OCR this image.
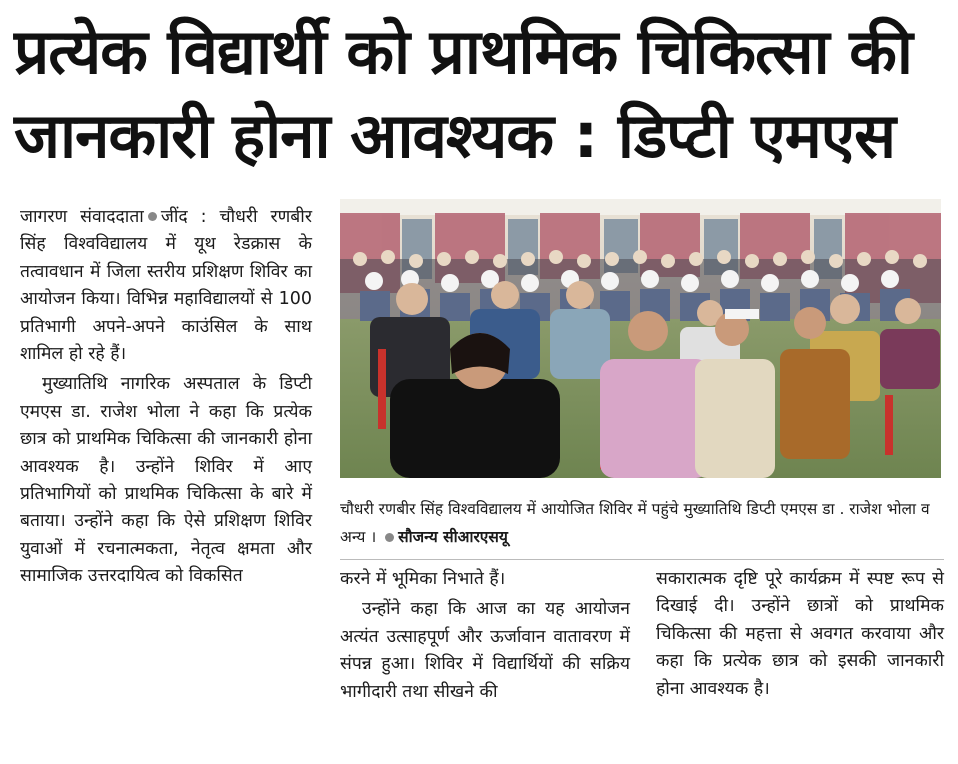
प्रत्येक विद्यार्थी को प्राथमिक चिकित्सा की
जानकारी होना आवश्यक : डिप्टी एमएस

जागरण संवाददाता जींद : चौधरी रणबीर सिंह विश्वविद्यालय में यूथ रेडक्रास के तत्वावधान में जिला स्तरीय प्रशिक्षण शिविर का आयोजन किया। विभिन्न महाविद्यालयों से 100 प्रतिभागी अपने-अपने काउंसिल के साथ शामिल हो रहे हैं।

मुख्यातिथि नागरिक अस्पताल के डिप्टी एमएस डा. राजेश भोला ने कहा कि प्रत्येक छात्र को प्राथमिक चिकित्सा की जानकारी होना आवश्यक है। उन्होंने शिविर में आए प्रतिभागियों को प्राथमिक चिकित्सा के बारे में बताया। उन्होंने कहा कि ऐसे प्रशिक्षण शिविर युवाओं में रचनात्मकता, नेतृत्व क्षमता और सामाजिक उत्तरदायित्व को विकसित

चौधरी रणबीर सिंह विश्वविद्यालय में आयोजित शिविर में पहुंचे मुख्यातिथि डिप्टी एमएस डा . राजेश भोला व अन्य । सौजन्य सीआरएसयू

करने में भूमिका निभाते हैं।

उन्होंने कहा कि आज का यह आयोजन अत्यंत उत्साहपूर्ण और ऊर्जावान वातावरण में संपन्न हुआ। शिविर में विद्यार्थियों की सक्रिय भागीदारी तथा सीखने की

सकारात्मक दृष्टि पूरे कार्यक्रम में स्पष्ट रूप से दिखाई दी। उन्होंने छात्रों को प्राथमिक चिकित्सा की महत्ता से अवगत करवाया और कहा कि प्रत्येक छात्र को इसकी जानकारी होना आवश्यक है।
